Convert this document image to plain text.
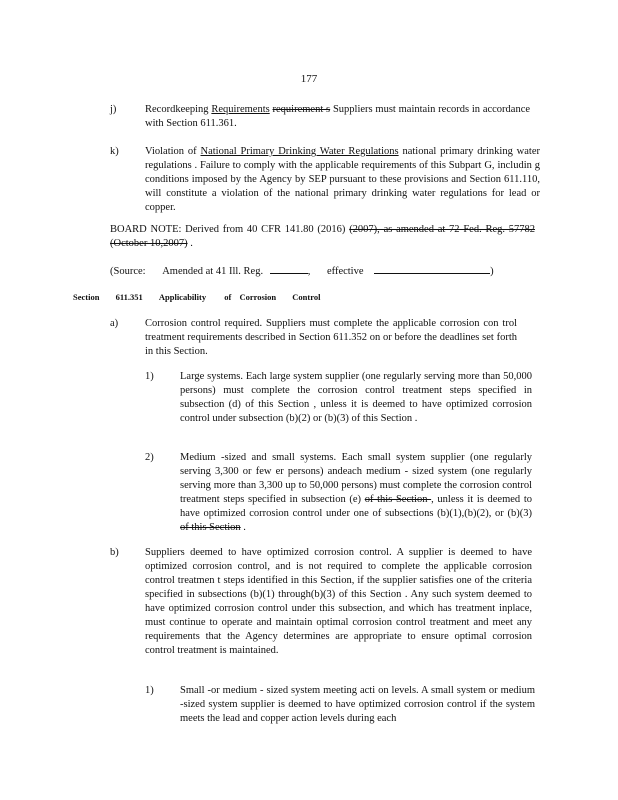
177
j)	Recordkeeping Requirements requirement s Suppliers must maintain records in accordance with Section 611.361.
k)	Violation of National Primary Drinking Water Regulations national primary drinking water regulations . Failure to comply with the applicable requirements of this Subpart G, includin g conditions imposed by the Agency by SEP pursuant to these provisions and Section 611.110, will constitute a violation of the national primary drinking water regulations for lead or copper.
BOARD NOTE: Derived from 40 CFR 141.80 (2016) (2007), as amended at 72 Fed. Reg. 57782 (October 10,2007) .
(Source: Amended at 41 Ill. Reg.	, effective	)
Section 611.351 Applicability of Corrosion Control
a)	Corrosion control required. Suppliers must complete the applicable corrosion con trol treatment requirements described in Section 611.352 on or before the deadlines set forth in this Section.
1)	Large systems. Each large system supplier (one regularly serving more than 50,000 persons) must complete the corrosion control treatment steps specified in subsection (d) of this Section , unless it is deemed to have optimized corrosion control under subsection (b)(2) or (b)(3) of this Section .
2)	Medium -sized and small systems. Each small system supplier (one regularly serving 3,300 or few er persons) andeach medium - sized system (one regularly serving more than 3,300 up to 50,000 persons) must complete the corrosion control treatment steps specified in subsection (e) of this Section , unless it is deemed to have optimized corrosion control under one of subsections (b)(1),(b)(2), or (b)(3) of this Section .
b)	Suppliers deemed to have optimized corrosion control. A supplier is deemed to have optimized corrosion control, and is not required to complete the applicable corrosion control treatmen t steps identified in this Section, if the supplier satisfies one of the criteria specified in subsections (b)(1) through(b)(3) of this Section . Any such system deemed to have optimized corrosion control under this subsection, and which has treatment inplace, must continue to operate and maintain optimal corrosion control treatment and meet any requirements that the Agency determines are appropriate to ensure optimal corrosion control treatment is maintained.
1)	Small -or medium - sized system meeting acti on levels. A small system or medium -sized system supplier is deemed to have optimized corrosion control if the system meets the lead and copper action levels during each
